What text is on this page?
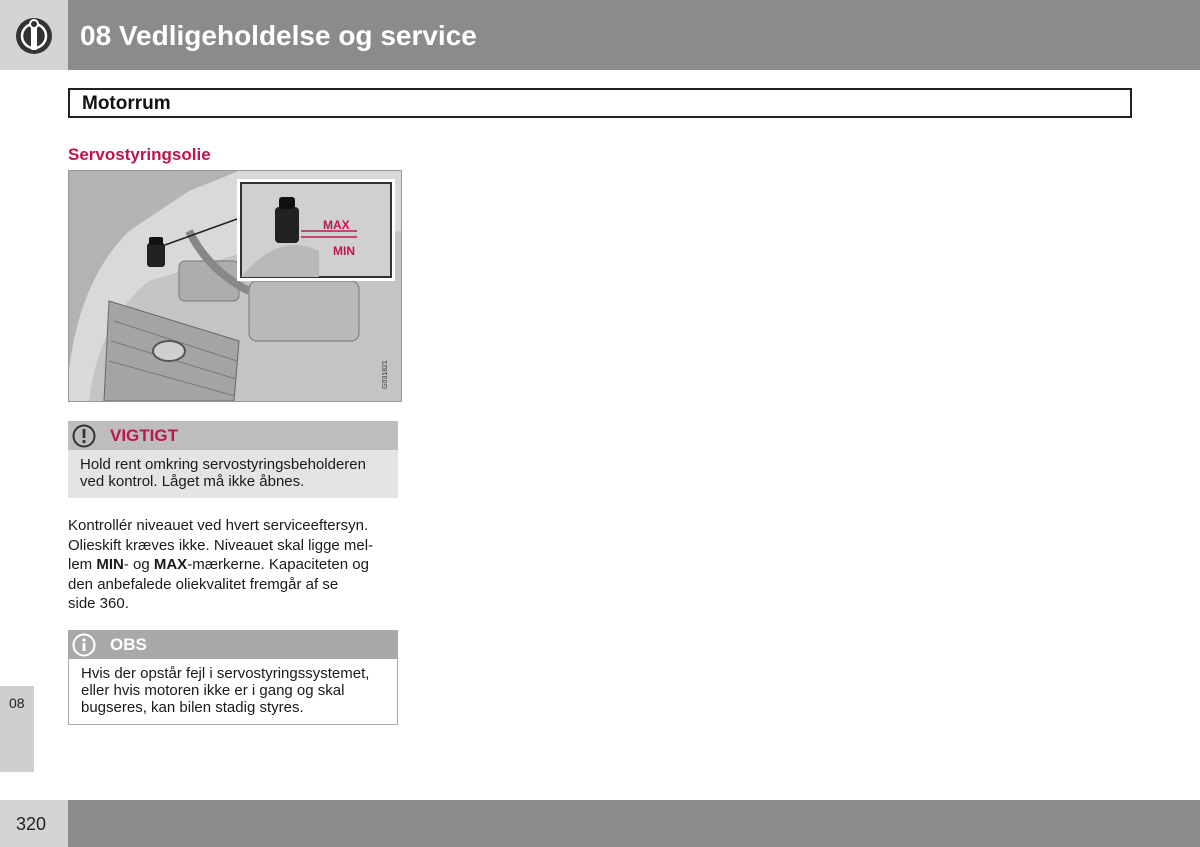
08 Vedligeholdelse og service
Motorrum
Servostyringsolie
MAX
MIN
G031821
VIGTIGT
Hold rent omkring servostyringsbeholderen ved kontrol. Låget må ikke åbnes.
Kontrollér niveauet ved hvert serviceeftersyn.
Olieskift kræves ikke. Niveauet skal ligge mel-
lem MIN- og MAX-mærkerne. Kapaciteten og
den anbefalede oliekvalitet fremgår af se
side 360.
OBS
Hvis der opstår fejl i servostyringssystemet, eller hvis motoren ikke er i gang og skal bugseres, kan bilen stadig styres.
08
320
